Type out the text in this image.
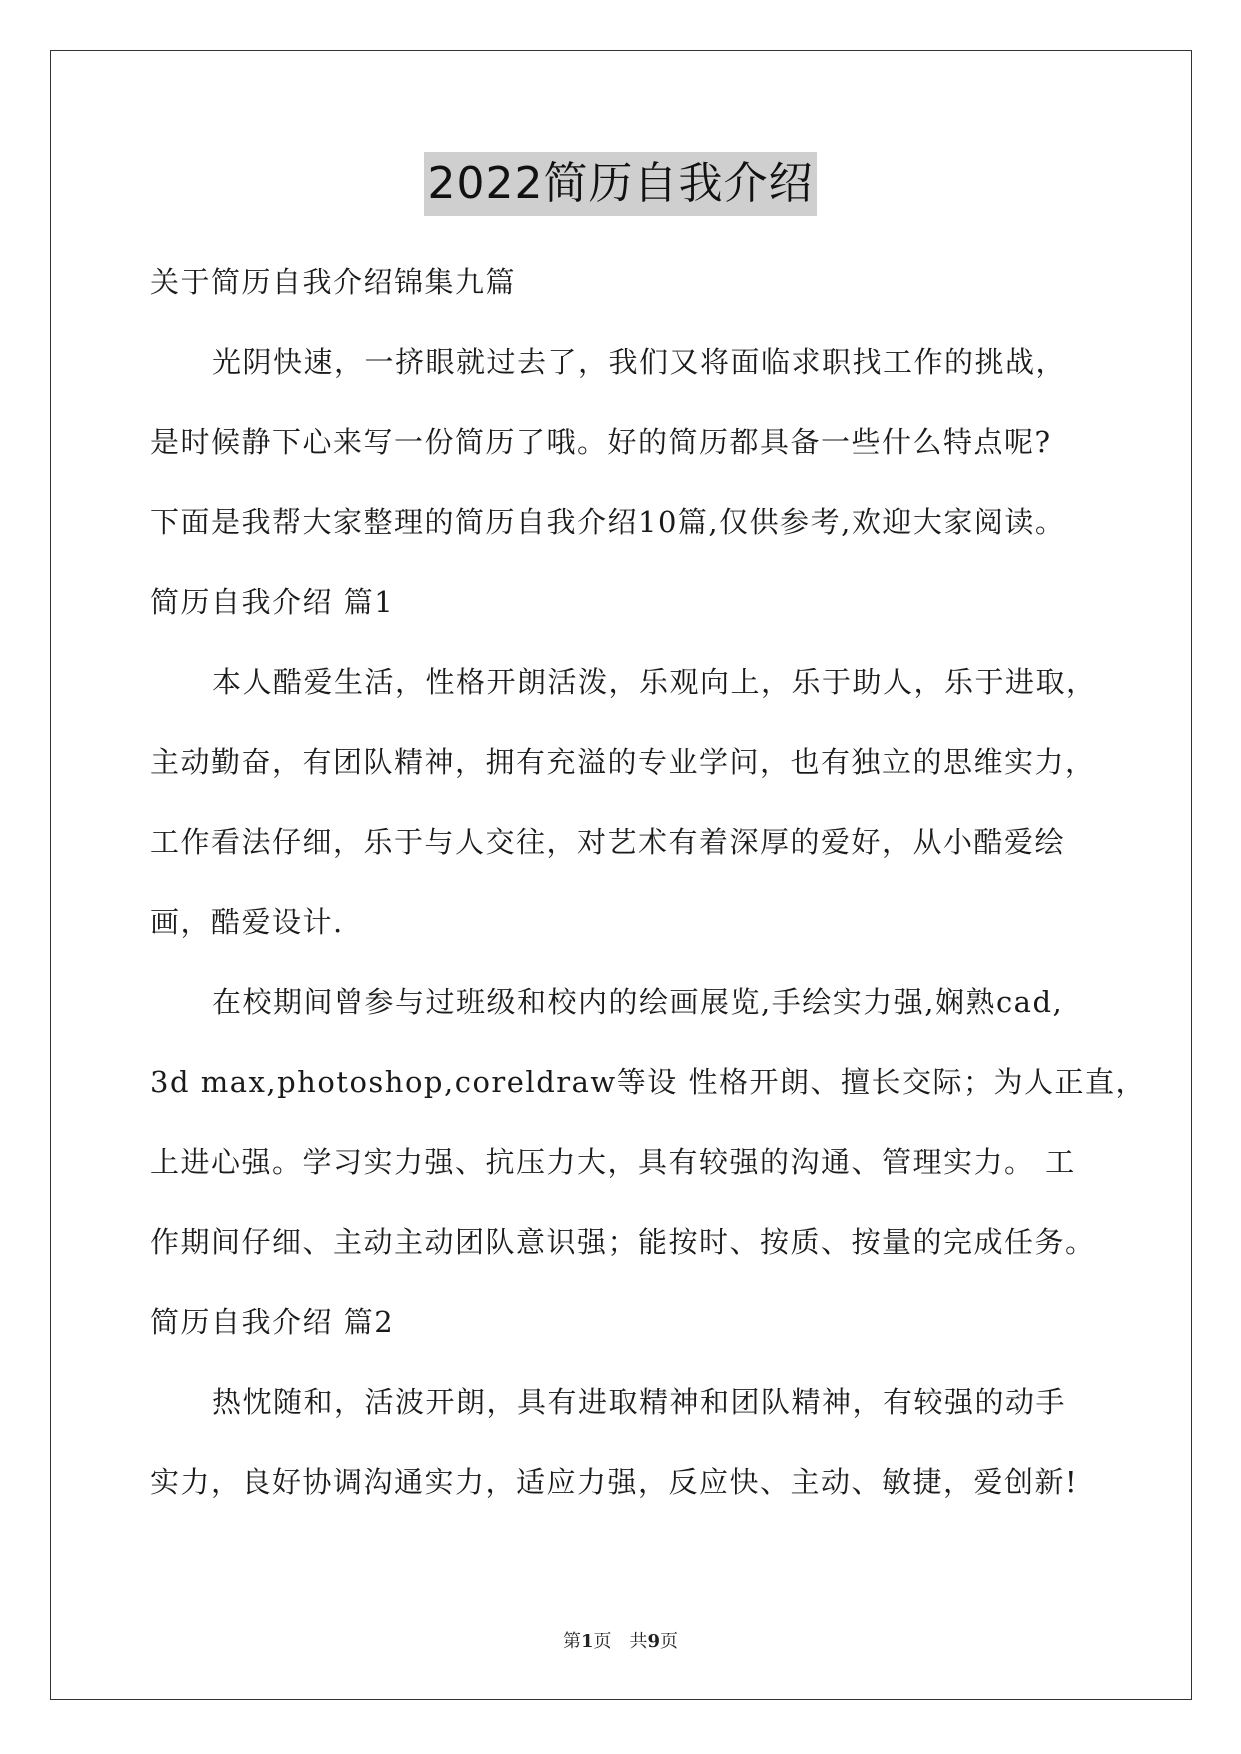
2022简历自我介绍
关于简历自我介绍锦集九篇
光阴快速，一挤眼就过去了，我们又将面临求职找工作的挑战，
是时候静下心来写一份简历了哦。好的简历都具备一些什么特点呢?
下面是我帮大家整理的简历自我介绍10篇,仅供参考,欢迎大家阅读。
简历自我介绍 篇1
本人酷爱生活，性格开朗活泼，乐观向上，乐于助人，乐于进取，
主动勤奋，有团队精神，拥有充溢的专业学问，也有独立的思维实力，
工作看法仔细，乐于与人交往，对艺术有着深厚的爱好，从小酷爱绘
画，酷爱设计.
在校期间曾参与过班级和校内的绘画展览,手绘实力强,娴熟cad,
3d max,photoshop,coreldraw等设 性格开朗、擅长交际；为人正直，
上进心强。学习实力强、抗压力大，具有较强的沟通、管理实力。 工
作期间仔细、主动主动团队意识强；能按时、按质、按量的完成任务。
简历自我介绍 篇2
热忱随和，活波开朗，具有进取精神和团队精神，有较强的动手
实力，良好协调沟通实力，适应力强，反应快、主动、敏捷，爱创新!
第1页　共9页
